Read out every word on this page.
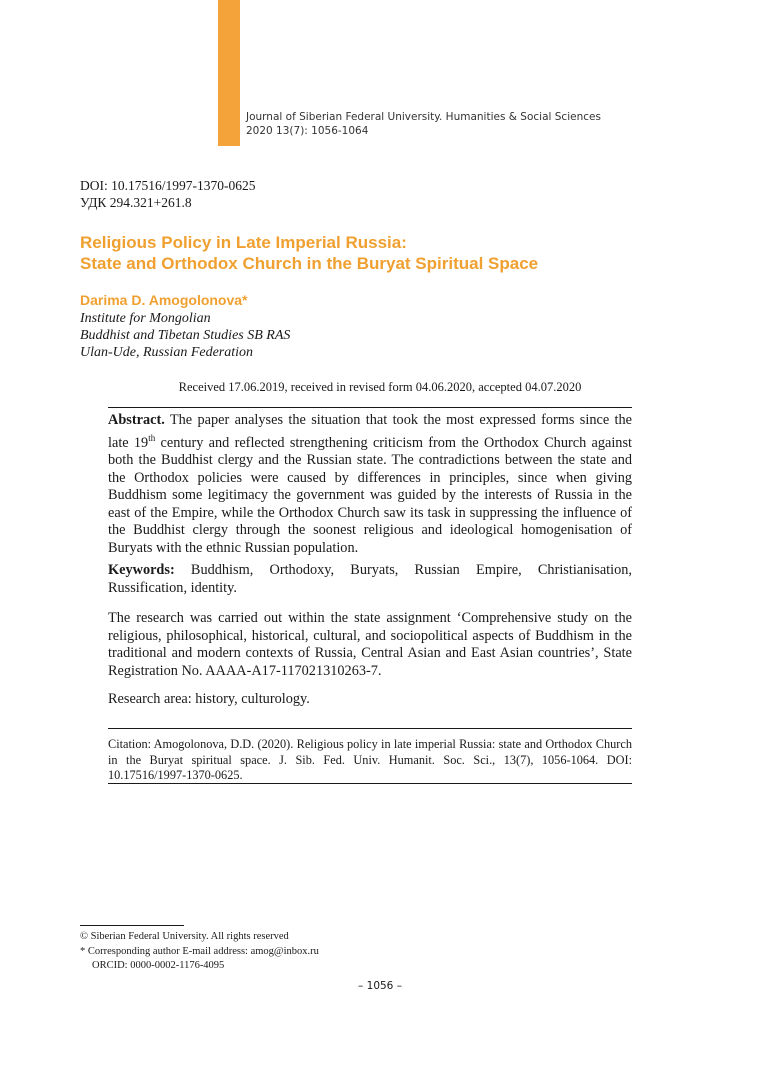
Journal of Siberian Federal University. Humanities & Social Sciences
2020 13(7): 1056-1064
DOI: 10.17516/1997-1370-0625
УДК 294.321+261.8
Religious Policy in Late Imperial Russia:
State and Orthodox Church in the Buryat Spiritual Space
Darima D. Amogolonova*
Institute for Mongolian
Buddhist and Tibetan Studies SB RAS
Ulan-Ude, Russian Federation
Received 17.06.2019, received in revised form 04.06.2020, accepted 04.07.2020
Abstract. The paper analyses the situation that took the most expressed forms since the late 19th century and reflected strengthening criticism from the Orthodox Church against both the Buddhist clergy and the Russian state. The contradictions between the state and the Orthodox policies were caused by differences in principles, since when giving Buddhism some legitimacy the government was guided by the interests of Russia in the east of the Empire, while the Orthodox Church saw its task in suppressing the influence of the Buddhist clergy through the soonest religious and ideological homogenisation of Buryats with the ethnic Russian population.
Keywords: Buddhism, Orthodoxy, Buryats, Russian Empire, Christianisation, Russification, identity.
The research was carried out within the state assignment ‘Comprehensive study on the religious, philosophical, historical, cultural, and sociopolitical aspects of Buddhism in the traditional and modern contexts of Russia, Central Asian and East Asian countries’, State Registration No. AAAA-A17-117021310263-7.
Research area: history, culturology.
Citation: Amogolonova, D.D. (2020). Religious policy in late imperial Russia: state and Orthodox Church in the Buryat spiritual space. J. Sib. Fed. Univ. Humanit. Soc. Sci., 13(7), 1056-1064. DOI: 10.17516/1997-1370-0625.
© Siberian Federal University. All rights reserved
* Corresponding author E-mail address: amog@inbox.ru
ORCID: 0000-0002-1176-4095
– 1056 –
